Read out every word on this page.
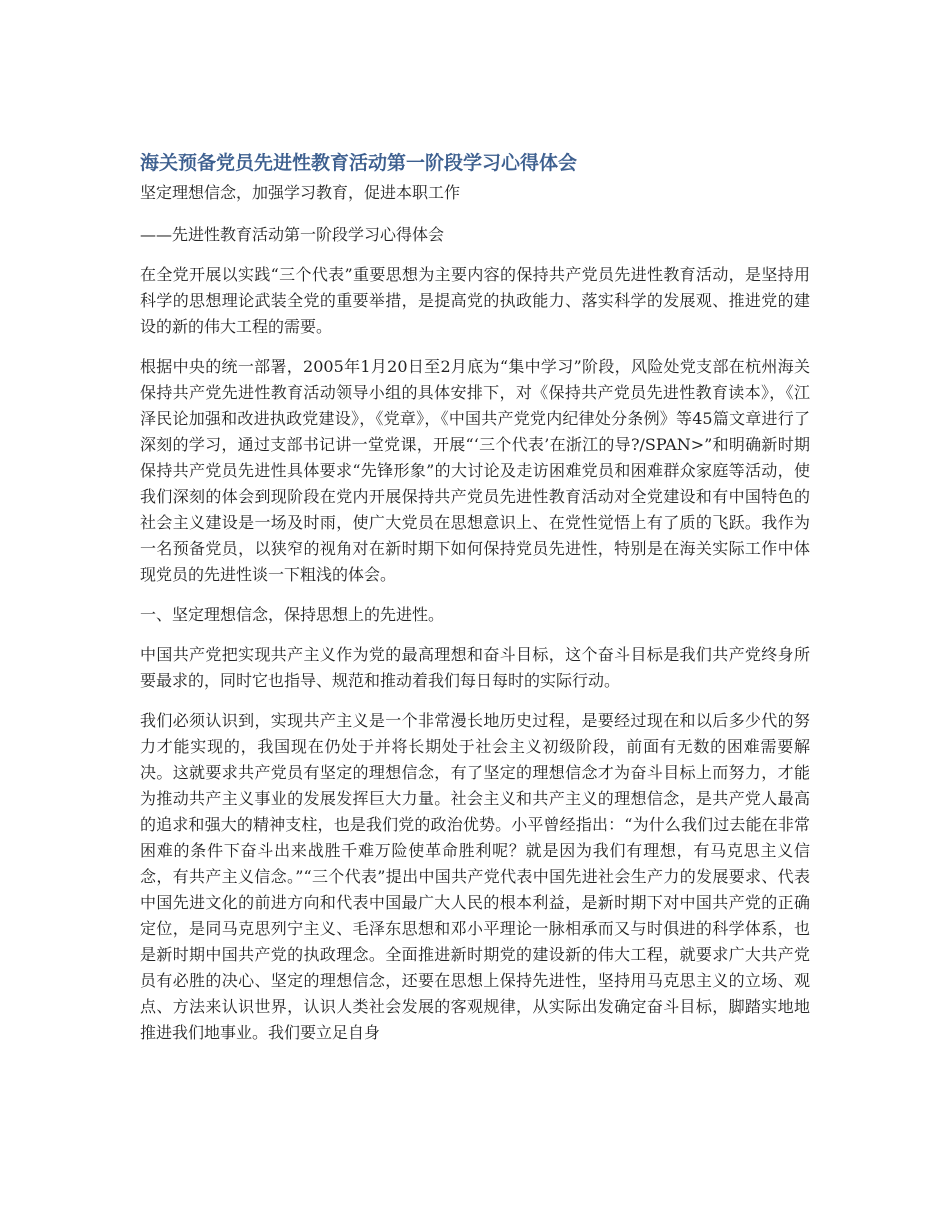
海关预备党员先进性教育活动第一阶段学习心得体会

坚定理想信念，加强学习教育，促进本职工作

——先进性教育活动第一阶段学习心得体会

在全党开展以实践“三个代表”重要思想为主要内容的保持共产党员先进性教育活动，是坚持用科学的思想理论武装全党的重要举措，是提高党的执政能力、落实科学的发展观、推进党的建设的新的伟大工程的需要。

根据中央的统一部署，2005年1月20日至2月底为“集中学习”阶段，风险处党支部在杭州海关保持共产党先进性教育活动领导小组的具体安排下，对《保持共产党员先进性教育读本》，《江泽民论加强和改进执政党建设》，《党章》，《中国共产党党内纪律处分条例》等45篇文章进行了深刻的学习，通过支部书记讲一堂党课，开展“‘三个代表’在浙江的导?/SPAN>”和明确新时期保持共产党员先进性具体要求“先锋形象”的大讨论及走访困难党员和困难群众家庭等活动，使我们深刻的体会到现阶段在党内开展保持共产党员先进性教育活动对全党建设和有中国特色的社会主义建设是一场及时雨，使广大党员在思想意识上、在党性觉悟上有了质的飞跃。我作为一名预备党员，以狭窄的视角对在新时期下如何保持党员先进性，特别是在海关实际工作中体现党员的先进性谈一下粗浅的体会。

一、坚定理想信念，保持思想上的先进性。

中国共产党把实现共产主义作为党的最高理想和奋斗目标，这个奋斗目标是我们共产党终身所要最求的，同时它也指导、规范和推动着我们每日每时的实际行动。

我们必须认识到，实现共产主义是一个非常漫长地历史过程，是要经过现在和以后多少代的努力才能实现的，我国现在仍处于并将长期处于社会主义初级阶段，前面有无数的困难需要解决。这就要求共产党员有坚定的理想信念，有了坚定的理想信念才为奋斗目标上而努力，才能为推动共产主义事业的发展发挥巨大力量。社会主义和共产主义的理想信念，是共产党人最高的追求和强大的精神支柱，也是我们党的政治优势。小平曾经指出：“为什么我们过去能在非常困难的条件下奋斗出来战胜千难万险使革命胜利呢？就是因为我们有理想，有马克思主义信念，有共产主义信念。”“三个代表”提出中国共产党代表中国先进社会生产力的发展要求、代表中国先进文化的前进方向和代表中国最广大人民的根本利益，是新时期下对中国共产党的正确定位，是同马克思列宁主义、毛泽东思想和邓小平理论一脉相承而又与时俱进的科学体系，也是新时期中国共产党的执政理念。全面推进新时期党的建设新的伟大工程，就要求广大共产党员有必胜的决心、坚定的理想信念，还要在思想上保持先进性，坚持用马克思主义的立场、观点、方法来认识世界，认识人类社会发展的客观规律，从实际出发确定奋斗目标，脚踏实地地推进我们地事业。我们要立足自身
